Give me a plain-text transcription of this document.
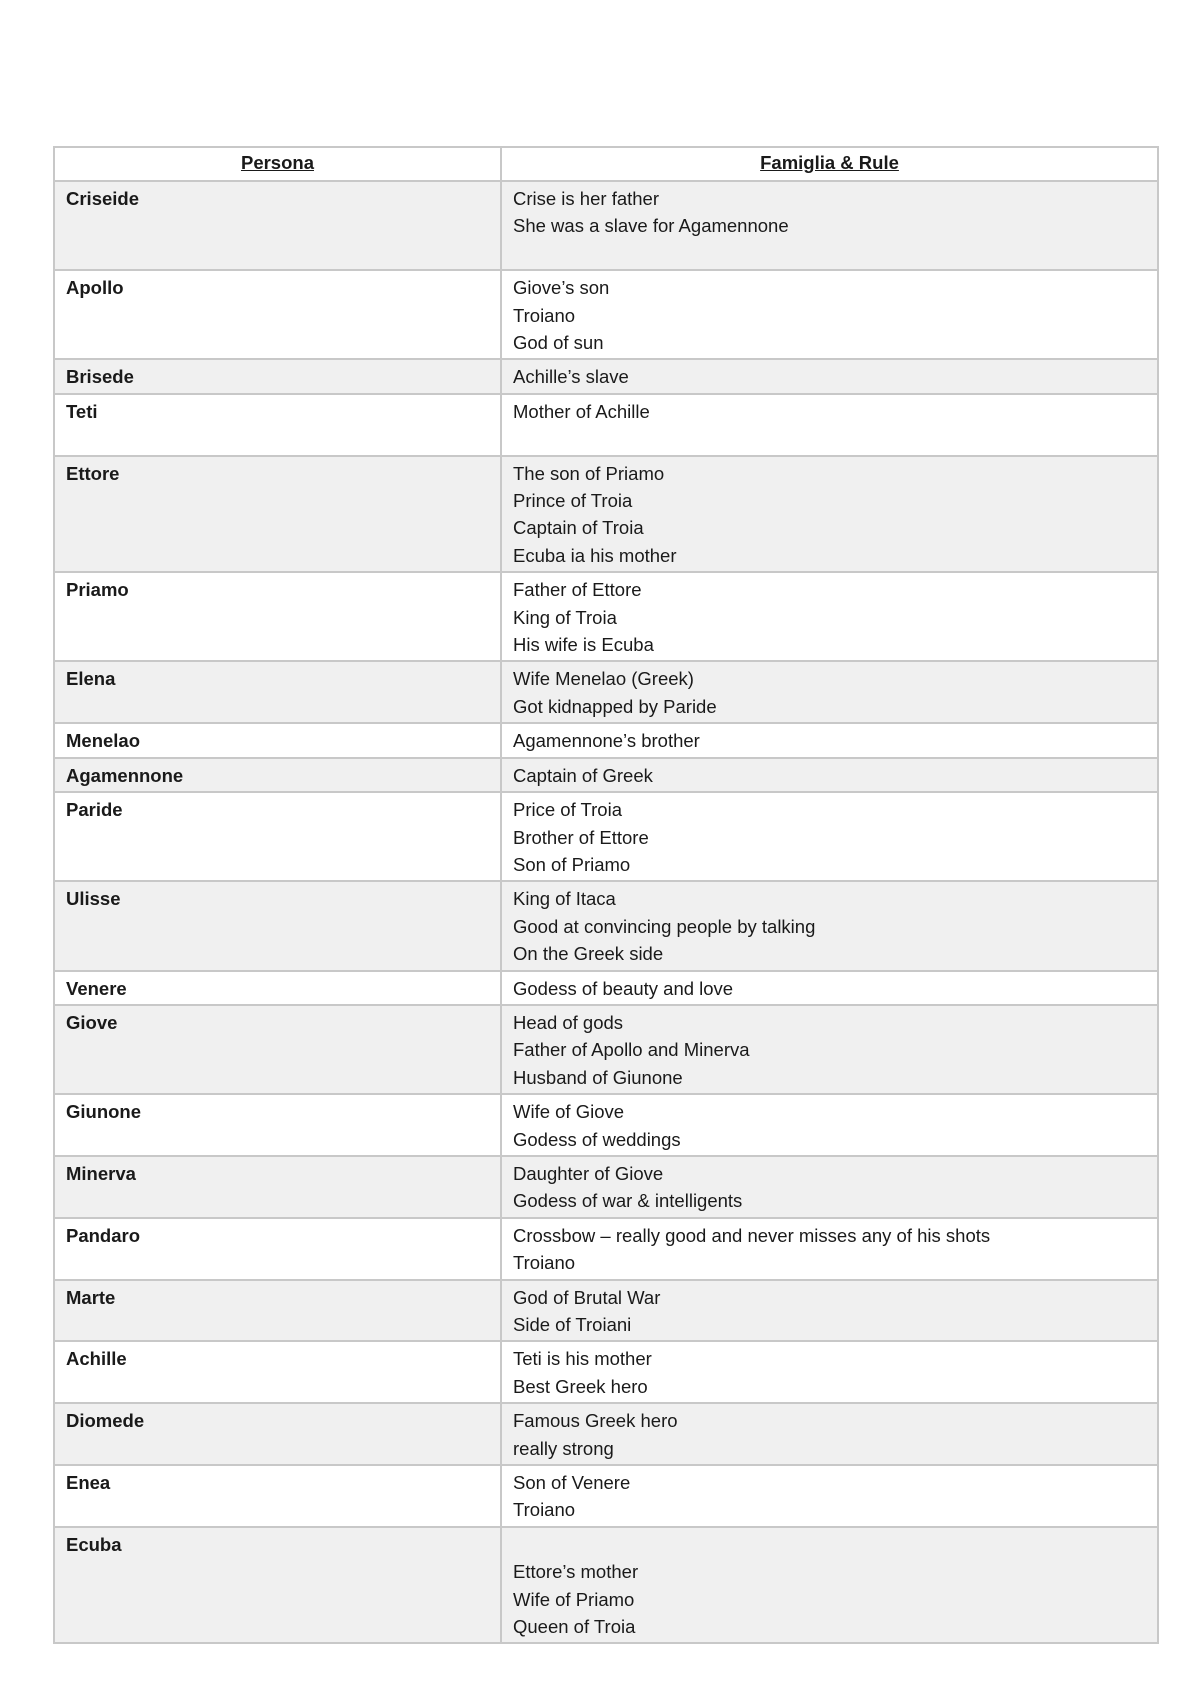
Persona	Famiglia & Rule
Criseide	Crise is her father
She was a slave for Agamennone

Apollo	Giove’s son
Troiano
God of sun

Brisede	Achille’s slave

Teti	Mother of Achille

Ettore	The son of Priamo
Prince of Troia
Captain of Troia
Ecuba ia his mother

Priamo	Father of Ettore
King of Troia
His wife is Ecuba

Elena	Wife Menelao (Greek)
Got kidnapped by Paride

Menelao	Agamennone’s brother

Agamennone	Captain of Greek

Paride	Price of Troia
Brother of Ettore
Son of Priamo

Ulisse	King of Itaca
Good at convincing people by talking
On the Greek side

Venere	Godess of beauty and love

Giove	Head of gods
Father of Apollo and Minerva
Husband of Giunone

Giunone	Wife of Giove
Godess of weddings

Minerva	Daughter of Giove
Godess of war & intelligents

Pandaro	Crossbow – really good and never misses any of his shots
Troiano

Marte	God of Brutal War
Side of Troiani

Achille	Teti is his mother
Best Greek hero

Diomede	Famous Greek hero
really strong

Enea	Son of Venere
Troiano

Ecuba	Ettore’s mother
Wife of Priamo
Queen of Troia
